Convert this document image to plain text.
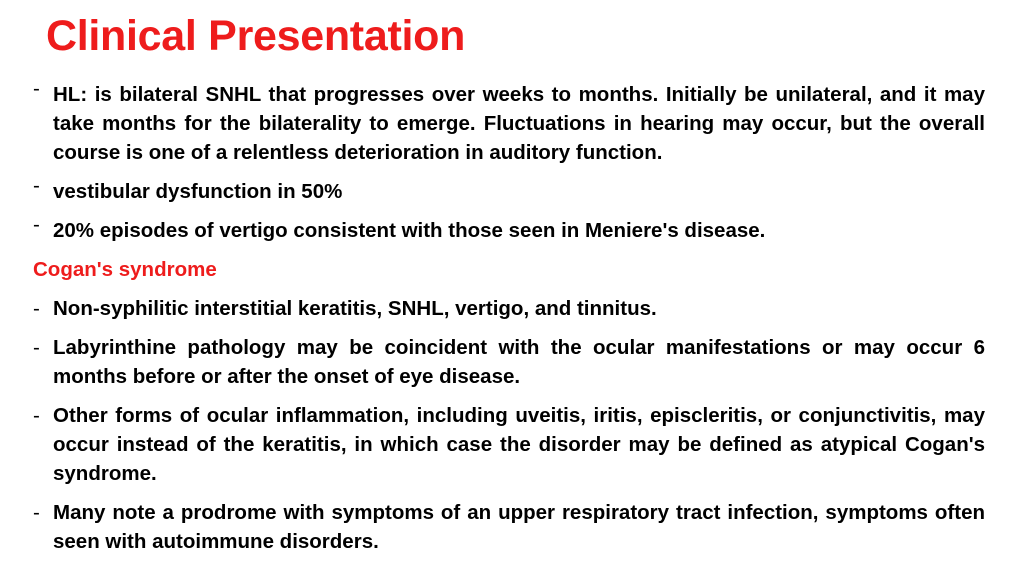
Clinical Presentation
- HL: is bilateral SNHL that progresses over weeks to months. Initially be unilateral, and it may take months for the bilaterality to emerge. Fluctuations in hearing may occur, but the overall course is one of a relentless deterioration in auditory function.
- vestibular dysfunction in 50%
- 20% episodes of vertigo consistent with those seen in Meniere's disease.
Cogan's syndrome
- Non-syphilitic interstitial keratitis, SNHL, vertigo, and tinnitus.
- Labyrinthine pathology may be coincident with the ocular manifestations or may occur 6 months before or after the onset of eye disease.
- Other forms of ocular inflammation, including uveitis, iritis, episcleritis, or conjunctivitis, may occur instead of the keratitis, in which case the disorder may be defined as atypical Cogan's syndrome.
- Many note a prodrome with symptoms of an upper respiratory tract infection, symptoms often seen with autoimmune disorders.
